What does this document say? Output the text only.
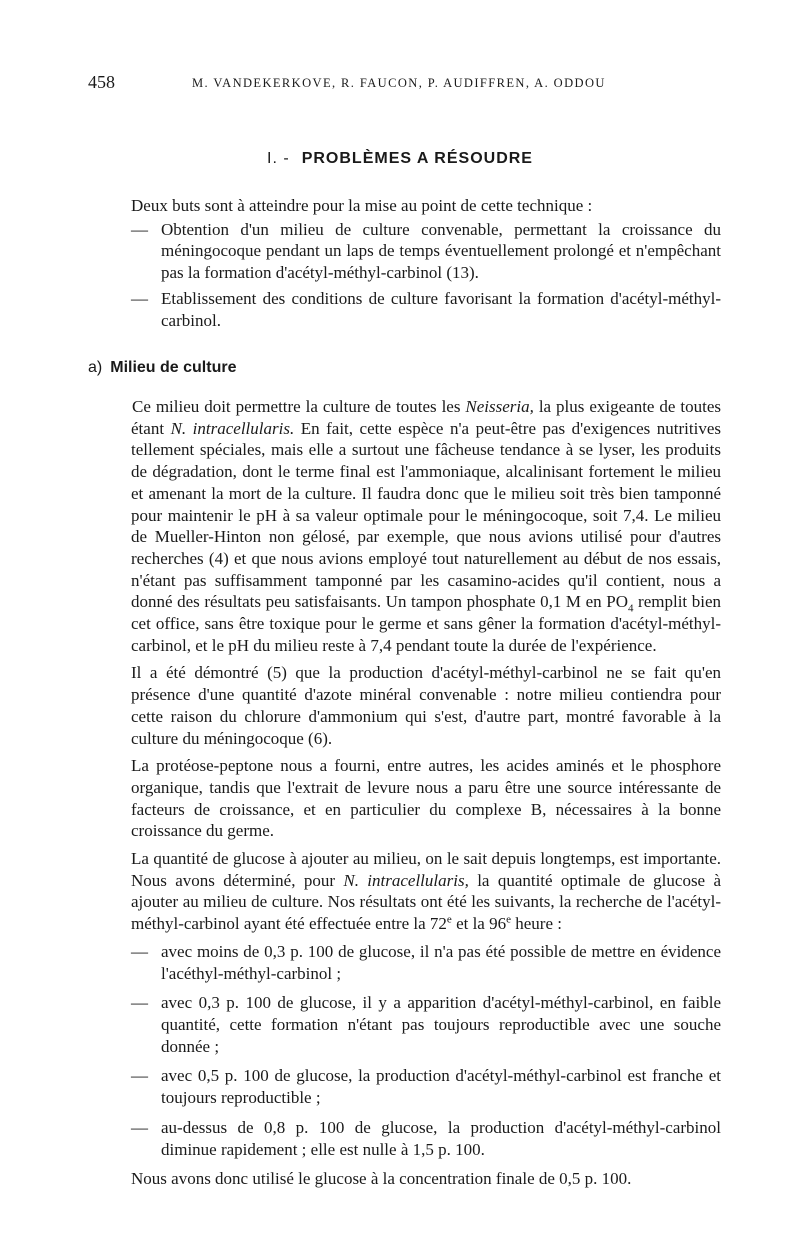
458	M. VANDEKERKOVE, R. FAUCON, P. AUDIFFREN, A. ODDOU
I. - PROBLÈMES A RÉSOUDRE

Deux buts sont à atteindre pour la mise au point de cette technique :

— Obtention d'un milieu de culture convenable, permettant la croissance du méningocoque pendant un laps de temps éventuellement prolongé et n'empêchant pas la formation d'acétyl-méthyl-carbinol (13).

— Etablissement des conditions de culture favorisant la formation d'acétyl-méthyl-carbinol.

a) Milieu de culture

Ce milieu doit permettre la culture de toutes les Neisseria, la plus exigeante de toutes étant N. intracellularis. En fait, cette espèce n'a peut-être pas d'exigences nutritives tellement spéciales, mais elle a surtout une fâcheuse tendance à se lyser, les produits de dégradation, dont le terme final est l'ammoniaque, alcalinisant fortement le milieu et amenant la mort de la culture. Il faudra donc que le milieu soit très bien tamponné pour maintenir le pH à sa valeur optimale pour le méningocoque, soit 7,4. Le milieu de Mueller-Hinton non gélosé, par exemple, que nous avions utilisé pour d'autres recherches (4) et que nous avions employé tout naturellement au début de nos essais, n'étant pas suffisamment tamponné par les casamino-acides qu'il contient, nous a donné des résultats peu satisfaisants. Un tampon phosphate 0,1 M en $PO_4$ remplit bien cet office, sans être toxique pour le germe et sans gêner la formation d'acétyl-méthyl-carbinol, et le pH du milieu reste à 7,4 pendant toute la durée de l'expérience.

Il a été démontré (5) que la production d'acétyl-méthyl-carbinol ne se fait qu'en présence d'une quantité d'azote minéral convenable : notre milieu contiendra pour cette raison du chlorure d'ammonium qui s'est, d'autre part, montré favorable à la culture du méningocoque (6).

La protéose-peptone nous a fourni, entre autres, les acides aminés et le phosphore organique, tandis que l'extrait de levure nous a paru être une source intéressante de facteurs de croissance, et en particulier du complexe B, nécessaires à la bonne croissance du germe.

La quantité de glucose à ajouter au milieu, on le sait depuis longtemps, est importante. Nous avons déterminé, pour N. intracellularis, la quantité optimale de glucose à ajouter au milieu de culture. Nos résultats ont été les suivants, la recherche de l'acétyl-méthyl-carbinol ayant été effectuée entre la 72e et la 96e heure :

— avec moins de 0,3 p. 100 de glucose, il n'a pas été possible de mettre en évidence l'acéthyl-méthyl-carbinol ;

— avec 0,3 p. 100 de glucose, il y a apparition d'acétyl-méthyl-carbinol, en faible quantité, cette formation n'étant pas toujours reproductible avec une souche donnée ;

— avec 0,5 p. 100 de glucose, la production d'acétyl-méthyl-carbinol est franche et toujours reproductible ;

— au-dessus de 0,8 p. 100 de glucose, la production d'acétyl-méthyl-carbinol diminue rapidement ; elle est nulle à 1,5 p. 100.

Nous avons donc utilisé le glucose à la concentration finale de 0,5 p. 100.
